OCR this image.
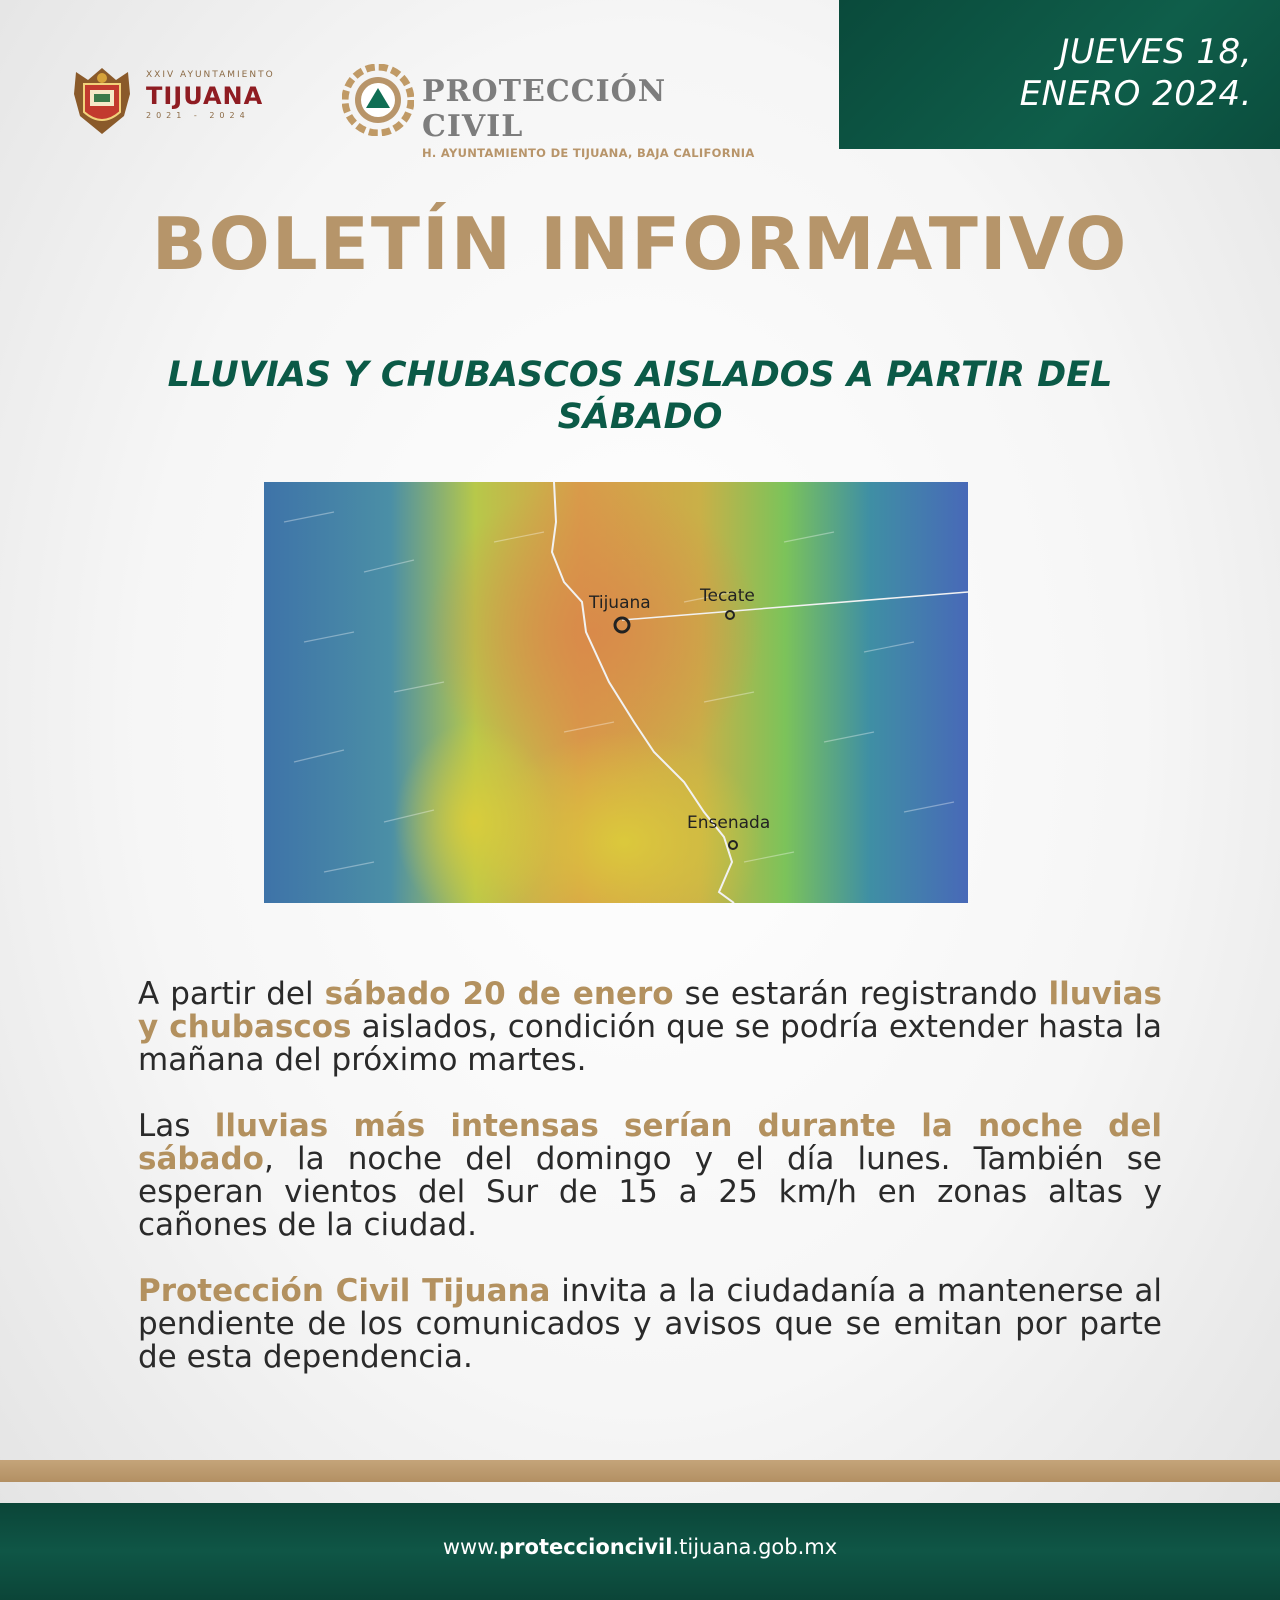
JUEVES 18,
ENERO 2024.
XXIV AYUNTAMIENTO
TIJUANA
2021 - 2024
PROTECCIÓN CIVIL
H. AYUNTAMIENTO DE TIJUANA, BAJA CALIFORNIA
BOLETÍN INFORMATIVO
LLUVIAS Y CHUBASCOS AISLADOS A PARTIR DEL SÁBADO
Tijuana	Tecate
Ensenada

A partir del sábado 20 de enero se estarán registrando lluvias y chubascos aislados, condición que se podría extender hasta la mañana del próximo martes.

Las lluvias más intensas serían durante la noche del sábado, la noche del domingo y el día lunes. También se esperan vientos del Sur de 15 a 25 km/h en zonas altas y cañones de la ciudad.

Protección Civil Tijuana invita a la ciudadanía a mantenerse al pendiente de los comunicados y avisos que se emitan por parte de esta dependencia.

www.proteccioncivil.tijuana.gob.mx
